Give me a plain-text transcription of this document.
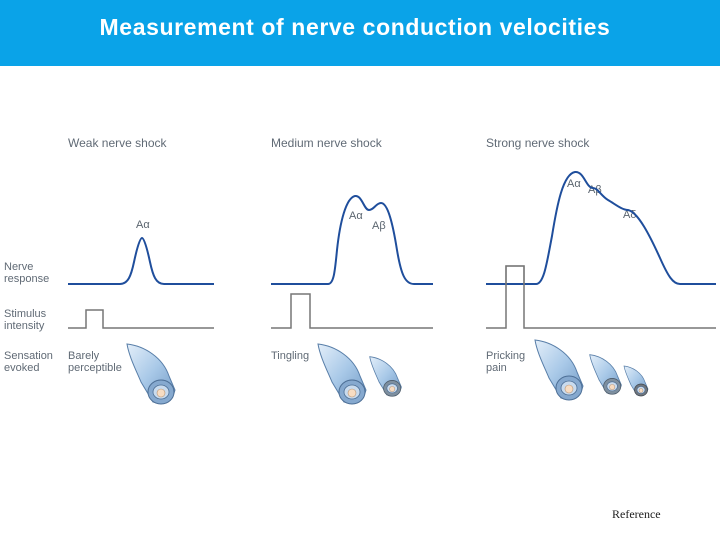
Measurement of nerve conduction velocities
Nerve
response
Stimulus
intensity
Sensation
evoked
Weak nerve shock	Medium nerve shock	Strong nerve shock
Aα
Aα
Aβ
Aα Aβ
Aδ
Barely
perceptible
Tingling	Pricking
pain
Reference
